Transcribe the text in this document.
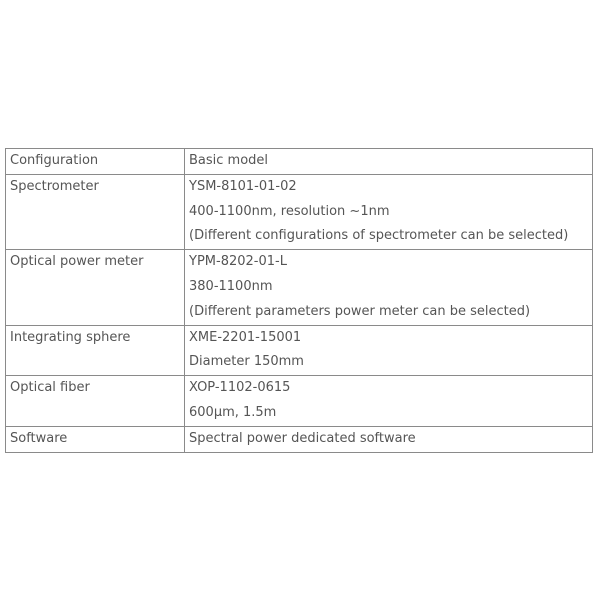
Configuration	Basic model

Spectrometer	YSM-8101-01-02
400-1100nm, resolution ~1nm
(Different configurations of spectrometer can be selected)

Optical power meter	YPM-8202-01-L
380-1100nm
(Different parameters power meter can be selected)

Integrating sphere	XME-2201-15001
Diameter 150mm

Optical fiber	XOP-1102-0615
600μm, 1.5m

Software	Spectral power dedicated software
